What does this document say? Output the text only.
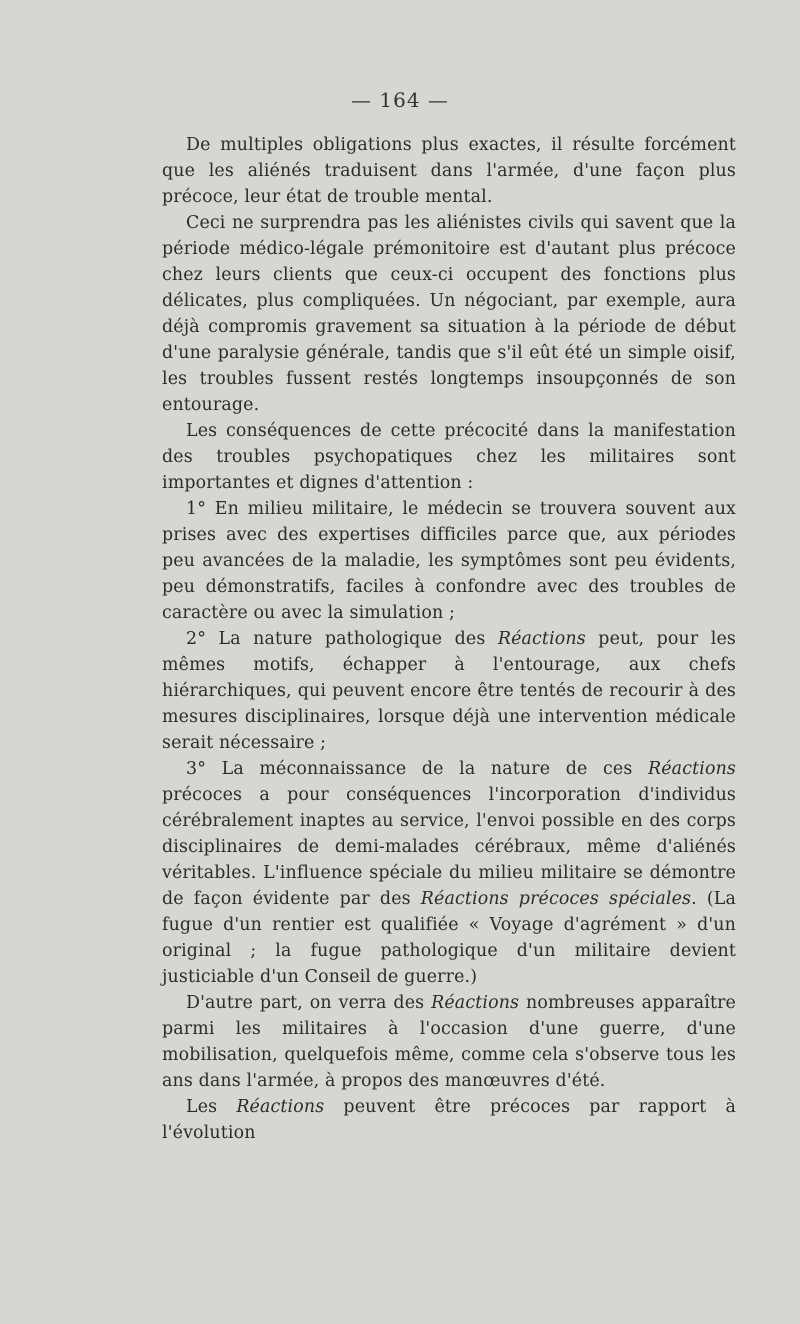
— 164 —

De multiples obligations plus exactes, il résulte forcément que les aliénés traduisent dans l'armée, d'une façon plus précoce, leur état de trouble mental.

Ceci ne surprendra pas les aliénistes civils qui savent que la période médico-légale prémonitoire est d'autant plus précoce chez leurs clients que ceux-ci occupent des fonctions plus délicates, plus compliquées. Un négociant, par exemple, aura déjà compromis gravement sa situation à la période de début d'une paralysie générale, tandis que s'il eût été un simple oisif, les troubles fussent restés longtemps insoupçonnés de son entourage.

Les conséquences de cette précocité dans la manifestation des troubles psychopatiques chez les militaires sont importantes et dignes d'attention :

1° En milieu militaire, le médecin se trouvera souvent aux prises avec des expertises difficiles parce que, aux périodes peu avancées de la maladie, les symptômes sont peu évidents, peu démonstratifs, faciles à confondre avec des troubles de caractère ou avec la simulation ;

2° La nature pathologique des Réactions peut, pour les mêmes motifs, échapper à l'entourage, aux chefs hiérarchiques, qui peuvent encore être tentés de recourir à des mesures disciplinaires, lorsque déjà une intervention médicale serait nécessaire ;

3° La méconnaissance de la nature de ces Réactions précoces a pour conséquences l'incorporation d'individus cérébralement inaptes au service, l'envoi possible en des corps disciplinaires de demi-malades cérébraux, même d'aliénés véritables. L'influence spéciale du milieu militaire se démontre de façon évidente par des Réactions précoces spéciales. (La fugue d'un rentier est qualifiée « Voyage d'agrément » d'un original ; la fugue pathologique d'un militaire devient justiciable d'un Conseil de guerre.)

D'autre part, on verra des Réactions nombreuses apparaître parmi les militaires à l'occasion d'une guerre, d'une mobilisation, quelquefois même, comme cela s'observe tous les ans dans l'armée, à propos des manœuvres d'été.

Les Réactions peuvent être précoces par rapport à l'évolution
